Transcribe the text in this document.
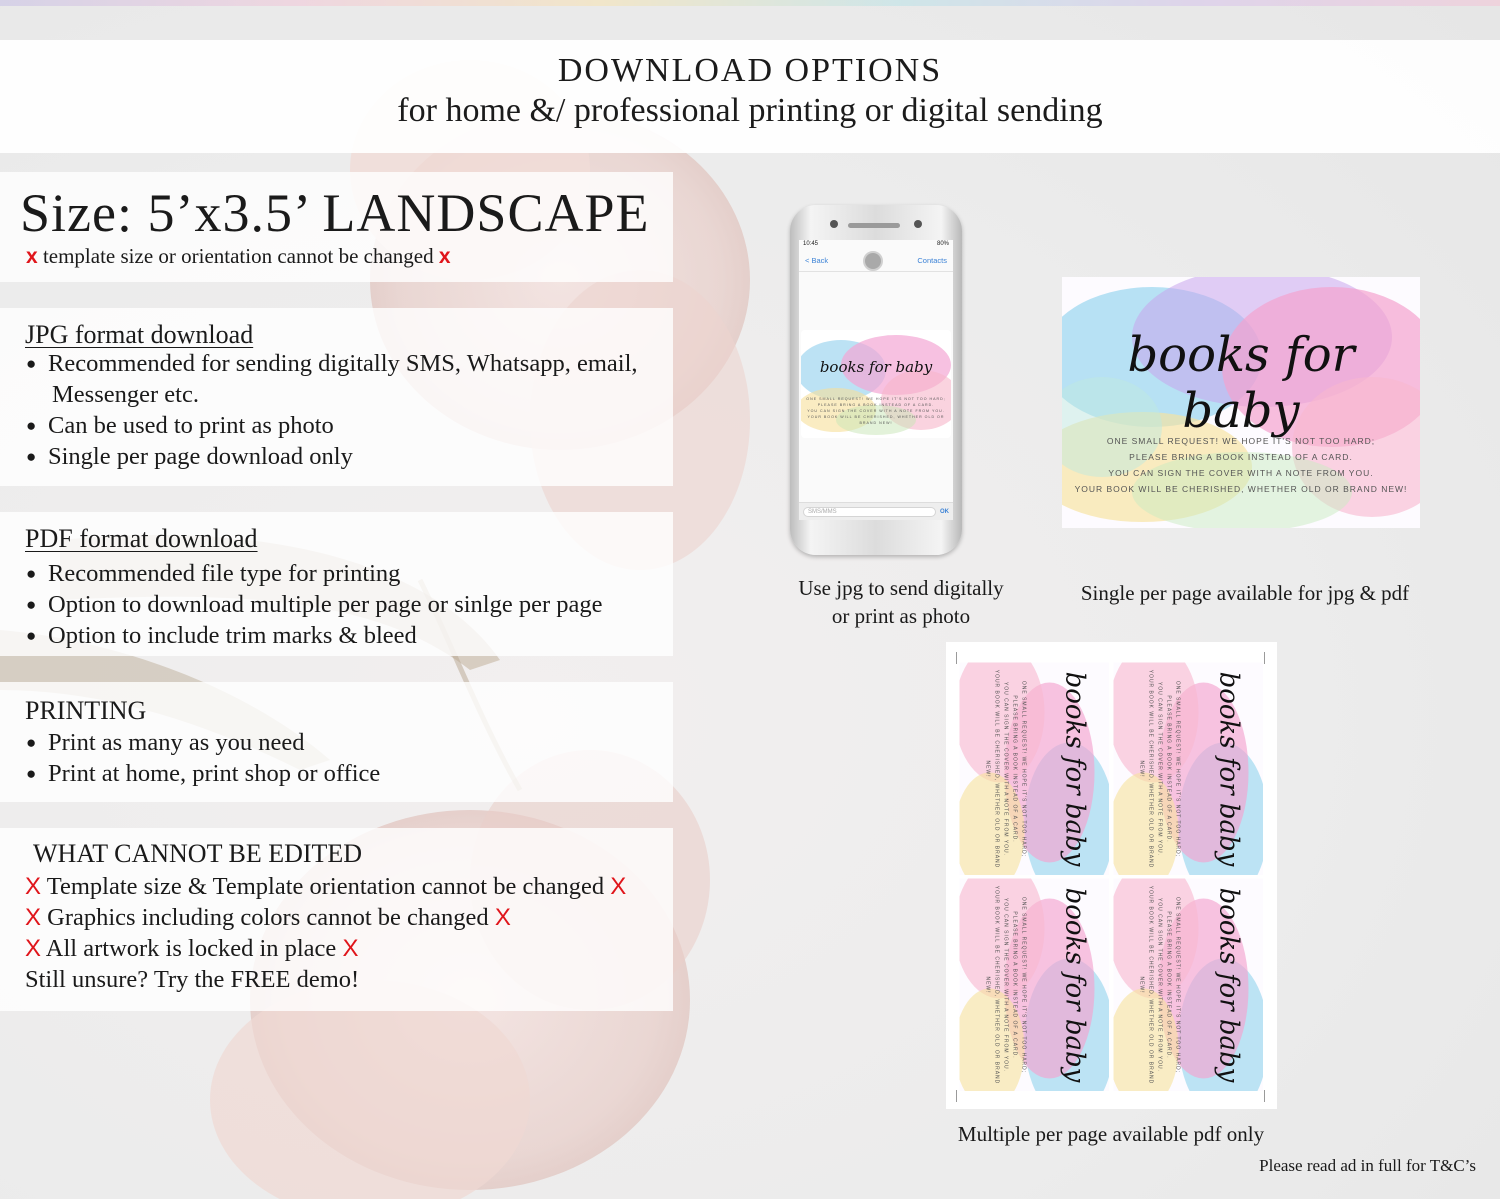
DOWNLOAD OPTIONS
for home &/ professional printing or digital sending
Size: 5’x3.5’ LANDSCAPE
x template size or orientation cannot be changed x
JPG format download
● Recommended for sending digitally SMS, Whatsapp, email,
Messenger etc.
● Can be used to print as photo
● Single per page download only
PDF format download
● Recommended file type for printing
● Option to download multiple per page or sinlge per page
● Option to include trim marks & bleed
PRINTING
● Print as many as you need
● Print at home, print shop or office
WHAT CANNOT BE EDITED
X Template size & Template orientation cannot be changed X
X Graphics including colors cannot be changed X
X All artwork is locked in place X
Still unsure? Try the FREE demo!
10:45	80%
< Back	Contacts
books for baby
ONE SMALL REQUEST! WE HOPE IT'S NOT TOO HARD;
PLEASE BRING A BOOK INSTEAD OF A CARD.
YOU CAN SIGN THE COVER WITH A NOTE FROM YOU.
YOUR BOOK WILL BE CHERISHED, WHETHER OLD OR BRAND NEW!
SMS/MMS	OK
books for baby
ONE SMALL REQUEST! WE HOPE IT'S NOT TOO HARD;
PLEASE BRING A BOOK INSTEAD OF A CARD.
YOU CAN SIGN THE COVER WITH A NOTE FROM YOU.
YOUR BOOK WILL BE CHERISHED, WHETHER OLD OR BRAND NEW!
Use jpg to send digitally
or print as photo
Single per page available for jpg & pdf
books for baby
ONE SMALL REQUEST! WE HOPE IT'S NOT TOO HARD;
PLEASE BRING A BOOK INSTEAD OF A CARD.
YOU CAN SIGN THE COVER WITH A NOTE FROM YOU.
YOUR BOOK WILL BE CHERISHED, WHETHER OLD OR BRAND NEW!	books for baby
ONE SMALL REQUEST! WE HOPE IT'S NOT TOO HARD;
PLEASE BRING A BOOK INSTEAD OF A CARD.
YOU CAN SIGN THE COVER WITH A NOTE FROM YOU.
YOUR BOOK WILL BE CHERISHED, WHETHER OLD OR BRAND NEW!
books for baby
ONE SMALL REQUEST! WE HOPE IT'S NOT TOO HARD;
PLEASE BRING A BOOK INSTEAD OF A CARD.
YOU CAN SIGN THE COVER WITH A NOTE FROM YOU.
YOUR BOOK WILL BE CHERISHED, WHETHER OLD OR BRAND NEW!	books for baby
ONE SMALL REQUEST! WE HOPE IT'S NOT TOO HARD;
PLEASE BRING A BOOK INSTEAD OF A CARD.
YOU CAN SIGN THE COVER WITH A NOTE FROM YOU.
YOUR BOOK WILL BE CHERISHED, WHETHER OLD OR BRAND NEW!
Multiple per page available pdf only
Please read ad in full for T&C’s
